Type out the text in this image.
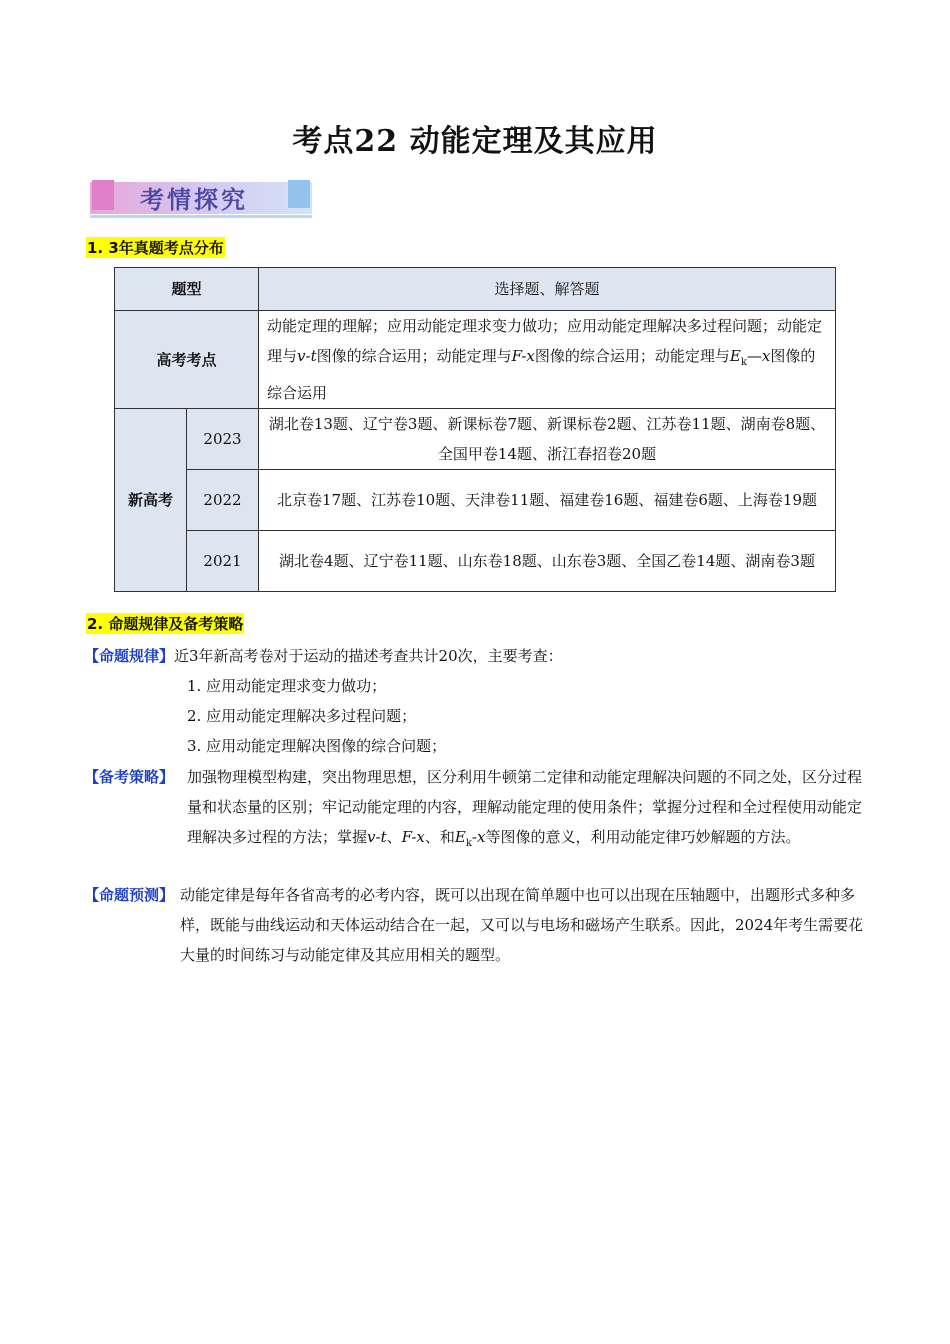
考点22 动能定理及其应用
考情探究
1. 3年真题考点分布
题型		选择题、解答题
高考考点		动能定理的理解；应用动能定理求变力做功；应用动能定理解决多过程问题；动能定理与v-t图像的综合运用；动能定理与F-x图像的综合运用；动能定理与$E_k—x$图像的综合运用
新高考	2023	湖北卷13题、辽宁卷3题、新课标卷7题、新课标卷2题、江苏卷11题、湖南卷8题、全国甲卷14题、浙江春招卷20题
	2022	北京卷17题、江苏卷10题、天津卷11题、福建卷16题、福建卷6题、上海卷19题
	2021	湖北卷4题、辽宁卷11题、山东卷18题、山东卷3题、全国乙卷14题、湖南卷3题
2. 命题规律及备考策略
【命题规律】近3年新高考卷对于运动的描述考查共计20次，主要考查：
1. 应用动能定理求变力做功；
2. 应用动能定理解决多过程问题；
3. 应用动能定理解决图像的综合问题；
【备考策略】 加强物理模型构建，突出物理思想，区分利用牛顿第二定律和动能定理解决问题的不同之处，区分过程量和状态量的区别；牢记动能定理的内容，理解动能定理的使用条件；掌握分过程和全过程使用动能定理解决多过程的方法；掌握v-t、F-x、和$E_k-x$等图像的意义，利用动能定律巧妙解题的方法。
【命题预测】 动能定律是每年各省高考的必考内容，既可以出现在简单题中也可以出现在压轴题中，出题形式多种多样，既能与曲线运动和天体运动结合在一起，又可以与电场和磁场产生联系。因此，2024年考生需要花大量的时间练习与动能定律及其应用相关的题型。
